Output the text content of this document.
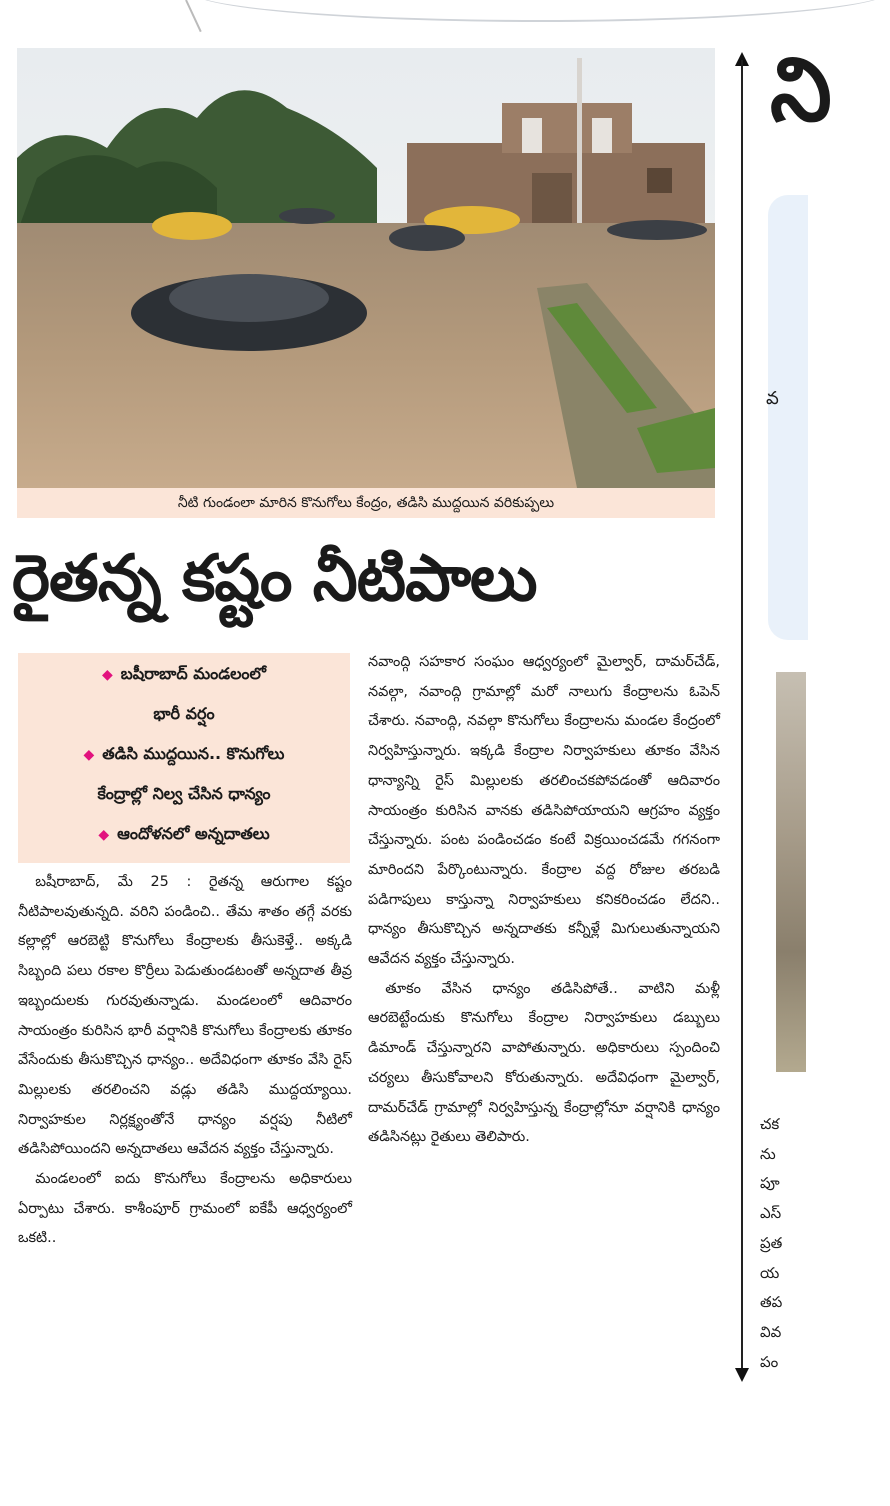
నీటి గుండంలా మారిన కొనుగోలు కేంద్రం, తడిసి ముద్దయిన వరికుప్పలు
రైతన్న కష్టం నీటిపాలు
◆ బషీరాబాద్ మండలంలో
భారీ వర్షం
◆ తడిసి ముద్దయిన.. కొనుగోలు
కేంద్రాల్లో నిల్వ చేసిన ధాన్యం
◆ ఆందోళనలో అన్నదాతలు

బషీరాబాద్, మే 25 : రైతన్న ఆరుగాల కష్టం నీటిపాలవుతున్నది. వరిని పండించి.. తేమ శాతం తగ్గే వరకు కల్లాల్లో ఆరబెట్టి కొనుగోలు కేంద్రాలకు తీసుకెళ్తే.. అక్కడి సిబ్బంది పలు రకాల కొర్రీలు పెడుతుండటంతో అన్నదాత తీవ్ర ఇబ్బందులకు గురవుతున్నాడు. మండలంలో ఆదివారం సాయంత్రం కురిసిన భారీ వర్షానికి కొనుగోలు కేంద్రాలకు తూకం వేసేందుకు తీసుకొచ్చిన ధాన్యం.. అదేవిధంగా తూకం వేసి రైస్ మిల్లులకు తరలించని వడ్లు తడిసి ముద్దయ్యాయి. నిర్వాహకుల నిర్లక్ష్యంతోనే ధాన్యం వర్షపు నీటిలో తడిసిపోయిందని అన్నదాతలు ఆవేదన వ్యక్తం చేస్తున్నారు.

మండలంలో ఐదు కొనుగోలు కేంద్రాలను అధికారులు ఏర్పాటు చేశారు. కాశీంపూర్ గ్రామంలో ఐకేపీ ఆధ్వర్యంలో ఒకటి..

నవాంద్గి సహకార సంఘం ఆధ్వర్యంలో మైల్వార్, దామర్‌చేడ్, నవల్గా, నవాంద్గి గ్రామాల్లో మరో నాలుగు కేంద్రాలను ఓపెన్ చేశారు. నవాంద్గి, నవల్గా కొనుగోలు కేంద్రాలను మండల కేంద్రంలో నిర్వహిస్తున్నారు. ఇక్కడి కేంద్రాల నిర్వాహకులు తూకం వేసిన ధాన్యాన్ని రైస్ మిల్లులకు తరలించకపోవడంతో ఆదివారం సాయంత్రం కురిసిన వానకు తడిసిపోయాయని ఆగ్రహం వ్యక్తం చేస్తున్నారు. పంట పండించడం కంటే విక్రయించడమే గగనంగా మారిందని పేర్కొంటున్నారు. కేంద్రాల వద్ద రోజుల తరబడి పడిగాపులు కాస్తున్నా నిర్వాహకులు కనికరించడం లేదని.. ధాన్యం తీసుకొచ్చిన అన్నదాతకు కన్నీళ్లే మిగులుతున్నాయని ఆవేదన వ్యక్తం చేస్తున్నారు.

తూకం వేసిన ధాన్యం తడిసిపోతే.. వాటిని మళ్లీ ఆరబెట్టేందుకు కొనుగోలు కేంద్రాల నిర్వాహకులు డబ్బులు డిమాండ్ చేస్తున్నారని వాపోతున్నారు. అధికారులు స్పందించి చర్యలు తీసుకోవాలని కోరుతున్నారు. అదేవిధంగా మైల్వార్, దామర్‌చేడ్ గ్రామాల్లో నిర్వహిస్తున్న కేంద్రాల్లోనూ వర్షానికి ధాన్యం తడిసినట్లు రైతులు తెలిపారు.

ని
వ
చక
ను
పూ
ఎస్
ప్రత
య
తప
వివ
పం
